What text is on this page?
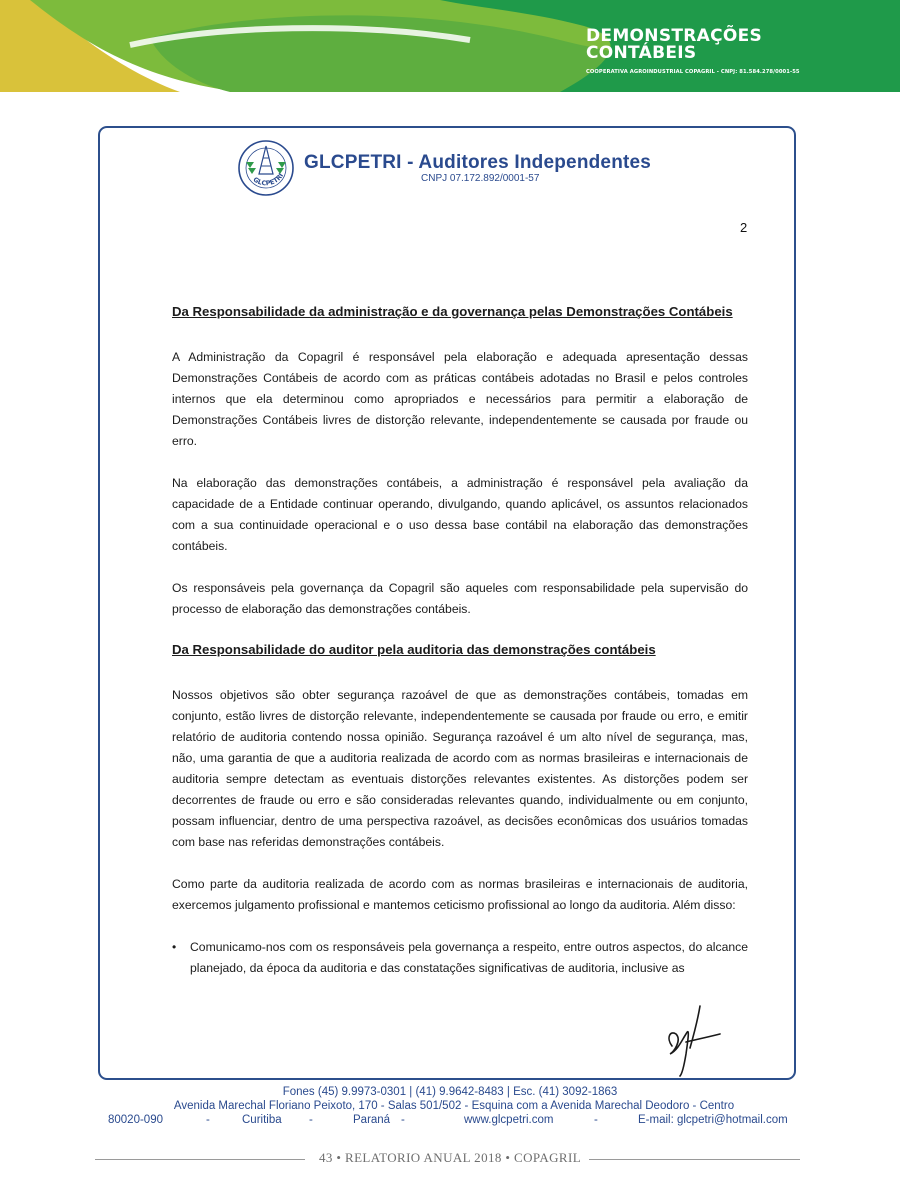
DEMONSTRAÇÕES
CONTÁBEIS
COOPERATIVA AGROINDUSTRIAL COPAGRIL - CNPJ: 81.584.278/0001-55
GLCPETRI
GLCPETRI - Auditores Independentes
CNPJ 07.172.892/0001-57
2
Da Responsabilidade da administração e da governança pelas Demonstrações Contábeis

A Administração da Copagril é responsável pela elaboração e adequada apresentação dessas Demonstrações Contábeis de acordo com as práticas contábeis adotadas no Brasil e pelos controles internos que ela determinou como apropriados e necessários para permitir a elaboração de Demonstrações Contábeis livres de distorção relevante, independentemente se causada por fraude ou erro.

Na elaboração das demonstrações contábeis, a administração é responsável pela avaliação da capacidade de a Entidade continuar operando, divulgando, quando aplicável, os assuntos relacionados com a sua continuidade operacional e o uso dessa base contábil na elaboração das demonstrações contábeis.

Os responsáveis pela governança da Copagril são aqueles com responsabilidade pela supervisão do processo de elaboração das demonstrações contábeis.

Da Responsabilidade do auditor pela auditoria das demonstrações contábeis

Nossos objetivos são obter segurança razoável de que as demonstrações contábeis, tomadas em conjunto, estão livres de distorção relevante, independentemente se causada por fraude ou erro, e emitir relatório de auditoria contendo nossa opinião. Segurança razoável é um alto nível de segurança, mas, não, uma garantia de que a auditoria realizada de acordo com as normas brasileiras e internacionais de auditoria sempre detectam as eventuais distorções relevantes existentes. As distorções podem ser decorrentes de fraude ou erro e são consideradas relevantes quando, individualmente ou em conjunto, possam influenciar, dentro de uma perspectiva razoável, as decisões econômicas dos usuários tomadas com base nas referidas demonstrações contábeis.

Como parte da auditoria realizada de acordo com as normas brasileiras e internacionais de auditoria, exercemos julgamento profissional e mantemos ceticismo profissional ao longo da auditoria. Além disso:

•	Comunicamo-nos com os responsáveis pela governança a respeito, entre outros aspectos, do alcance planejado, da época da auditoria e das constatações significativas de auditoria, inclusive as
Fones (45) 9.9973-0301 | (41) 9.9642-8483 | Esc. (41) 3092-1863
Avenida Marechal Floriano Peixoto, 170 - Salas 501/502 - Esquina com a Avenida Marechal Deodoro - Centro
80020-090	-	Curitiba -	Paraná -	www.glcpetri.com	-	E-mail: glcpetri@hotmail.com
43 • RELATORIO ANUAL 2018 • COPAGRIL
